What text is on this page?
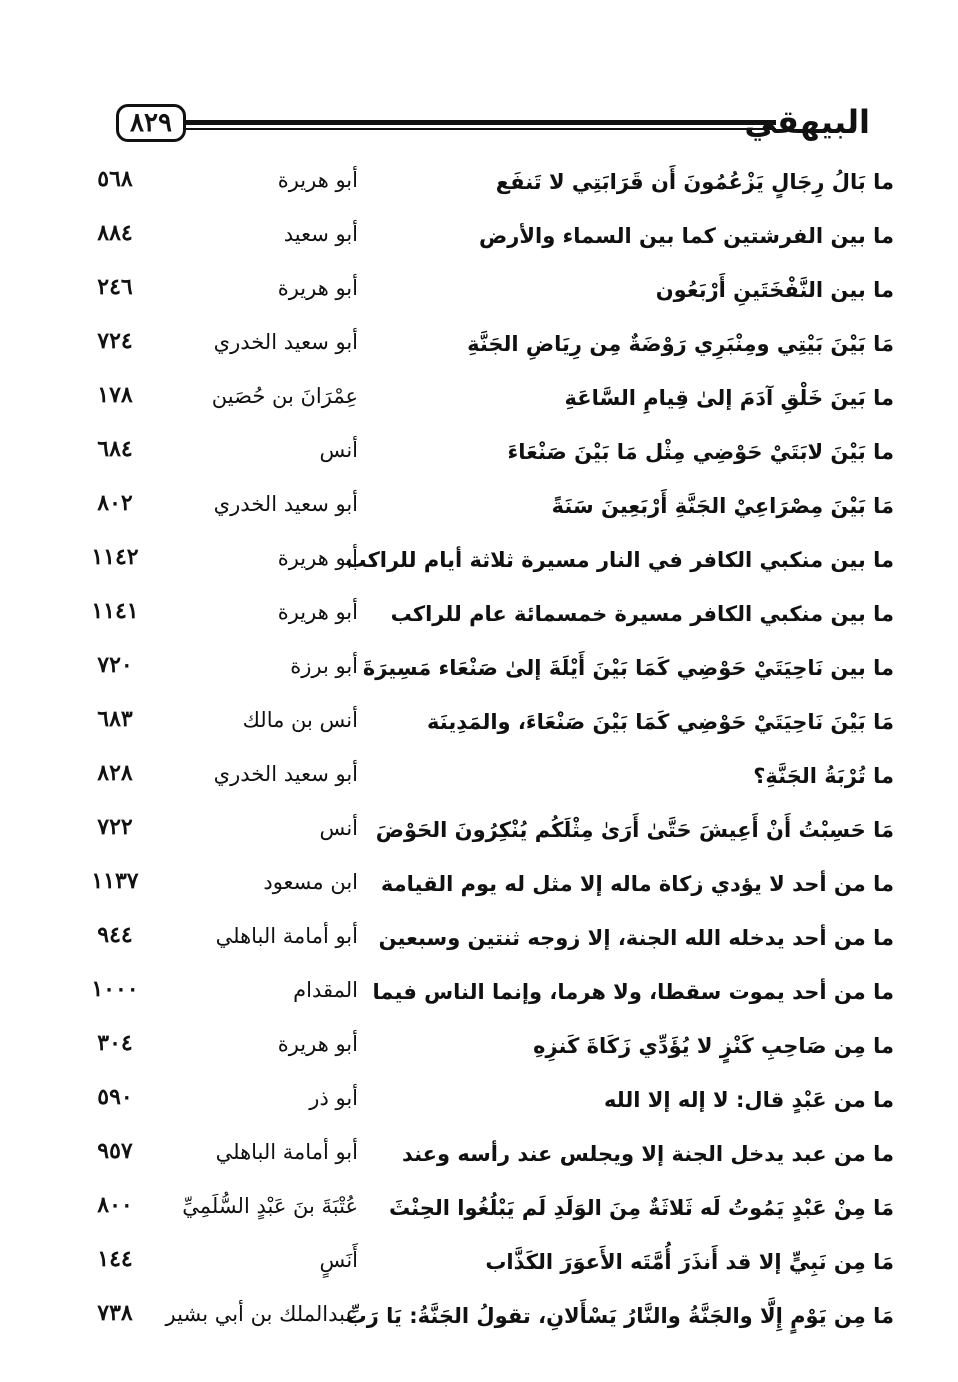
٨٢٩	البيهقي
ما بَالُ رِجَالٍ يَزْعُمُونَ أَن قَرَابَتِي لا تَنفَع
أبو هريرة
٥٦٨
ما بين الفرشتين كما بين السماء والأرض
أبو سعيد
٨٨٤
ما بين النَّفْخَتَينِ أَرْبَعُون
أبو هريرة
٢٤٦
مَا بَيْنَ بَيْتِي ومِنْبَرِي رَوْضَةٌ مِن رِيَاضِ الجَنَّةِ
أبو سعيد الخدري
٧٢٤
ما بَينَ خَلْقِ آدَمَ إلىٰ قِيامِ السَّاعَةِ
عِمْرَانَ بن حُصَين
١٧٨
ما بَيْنَ لابَتَيْ حَوْضِي مِثْل مَا بَيْنَ صَنْعَاءَ
أنس
٦٨٤
مَا بَيْنَ مِصْرَاعِيْ الجَنَّةِ أَرْبَعِينَ سَنَةً
أبو سعيد الخدري
٨٠٢
ما بين منكبي الكافر في النار مسيرة ثلاثة أيام للراكب
أبو هريرة
١١٤٢
ما بين منكبي الكافر مسيرة خمسمائة عام للراكب
أبو هريرة
١١٤١
ما بين نَاحِيَتَيْ حَوْضِي كَمَا بَيْنَ أَيْلَةَ إلىٰ صَنْعَاء مَسِيرَةَ
أبو برزة
٧٢٠
مَا بَيْنَ نَاحِيَتَيْ حَوْضِي كَمَا بَيْنَ صَنْعَاءَ، والمَدِينَة
أنس بن مالك
٦٨٣
ما تُرْبَةُ الجَنَّةِ؟
أبو سعيد الخدري
٨٢٨
مَا حَسِبْتُ أَنْ أَعِيشَ حَتَّىٰ أَرَىٰ مِثْلَكُم يُنْكِرُونَ الحَوْضَ
أنس
٧٢٢
ما من أحد لا يؤدي زكاة ماله إلا مثل له يوم القيامة
ابن مسعود
١١٣٧
ما من أحد يدخله الله الجنة، إلا زوجه ثنتين وسبعين
أبو أمامة الباهلي
٩٤٤
ما من أحد يموت سقطا، ولا هرما، وإنما الناس فيما
المقدام
١٠٠٠
ما مِن صَاحِبِ كَنْزٍ لا يُؤَدِّي زَكَاةَ كَنزِهِ
أبو هريرة
٣٠٤
ما من عَبْدٍ قال: لا إله إلا الله
أبو ذر
٥٩٠
ما من عبد يدخل الجنة إلا ويجلس عند رأسه وعند
أبو أمامة الباهلي
٩٥٧
مَا مِنْ عَبْدٍ يَمُوتُ لَه ثَلاثَةٌ مِنَ الوَلَدِ لَم يَبْلُغُوا الحِنْثَ
عُتْبَةَ بنَ عَبْدٍ السُّلَمِيِّ
٨٠٠
مَا مِن نَبِيٍّ إلا قد أَنذَرَ أُمَّتَه الأَعوَرَ الكَذَّاب
أَنَسٍ
١٤٤
مَا مِن يَوْمٍ إِلَّا والجَنَّةُ والنَّارُ يَسْأَلانِ، تقولُ الجَنَّةُ: يَا رَبِّ
عبدالملك بن أبي بشير
٧٣٨
